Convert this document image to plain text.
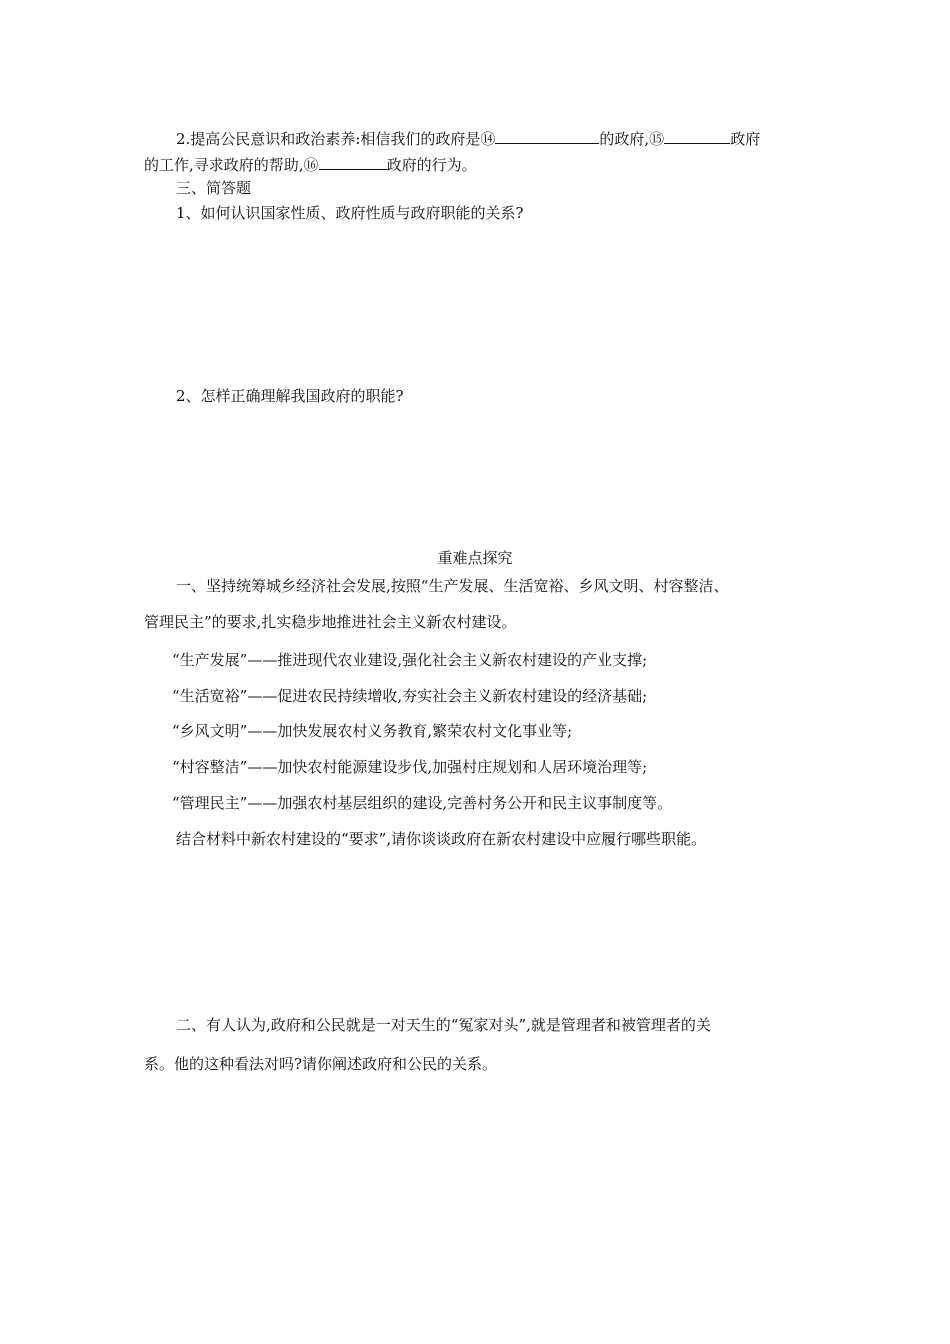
2.提高公民意识和政治素养:相信我们的政府是⑭	的政府,⑮	政府
的工作,寻求政府的帮助,⑯	政府的行为。
三、简答题
1、如何认识国家性质、政府性质与政府职能的关系?
2、怎样正确理解我国政府的职能?
重难点探究
一、坚持统筹城乡经济社会发展,按照“生产发展、生活宽裕、乡风文明、村容整洁、
管理民主”的要求,扎实稳步地推进社会主义新农村建设。
“生产发展”——推进现代农业建设,强化社会主义新农村建设的产业支撑;
“生活宽裕”——促进农民持续增收,夯实社会主义新农村建设的经济基础;
“乡风文明”——加快发展农村义务教育,繁荣农村文化事业等;
“村容整洁”——加快农村能源建设步伐,加强村庄规划和人居环境治理等;
“管理民主”——加强农村基层组织的建设,完善村务公开和民主议事制度等。
结合材料中新农村建设的“要求”,请你谈谈政府在新农村建设中应履行哪些职能。
二、有人认为,政府和公民就是一对天生的“冤家对头”,就是管理者和被管理者的关
系。他的这种看法对吗?请你阐述政府和公民的关系。
